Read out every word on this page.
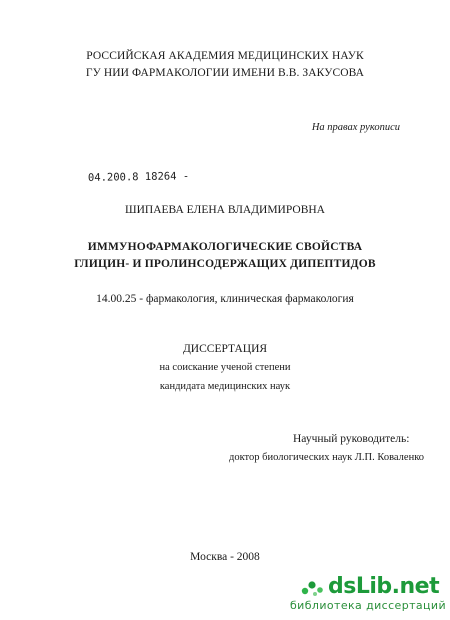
РОССИЙСКАЯ АКАДЕМИЯ МЕДИЦИНСКИХ НАУК
ГУ НИИ ФАРМАКОЛОГИИ ИМЕНИ В.В. ЗАКУСОВА
На правах рукописи
04.200.8 18264 -
ШИПАЕВА ЕЛЕНА ВЛАДИМИРОВНА
ИММУНОФАРМАКОЛОГИЧЕСКИЕ СВОЙСТВА
ГЛИЦИН- И ПРОЛИНСОДЕРЖАЩИХ ДИПЕПТИДОВ
14.00.25 - фармакология, клиническая фармакология
ДИССЕРТАЦИЯ
на соискание ученой степени
кандидата медицинских наук
Научный руководитель:
доктор биологических наук Л.П. Коваленко
Москва - 2008
dsLib.net
библиотека диссертаций
